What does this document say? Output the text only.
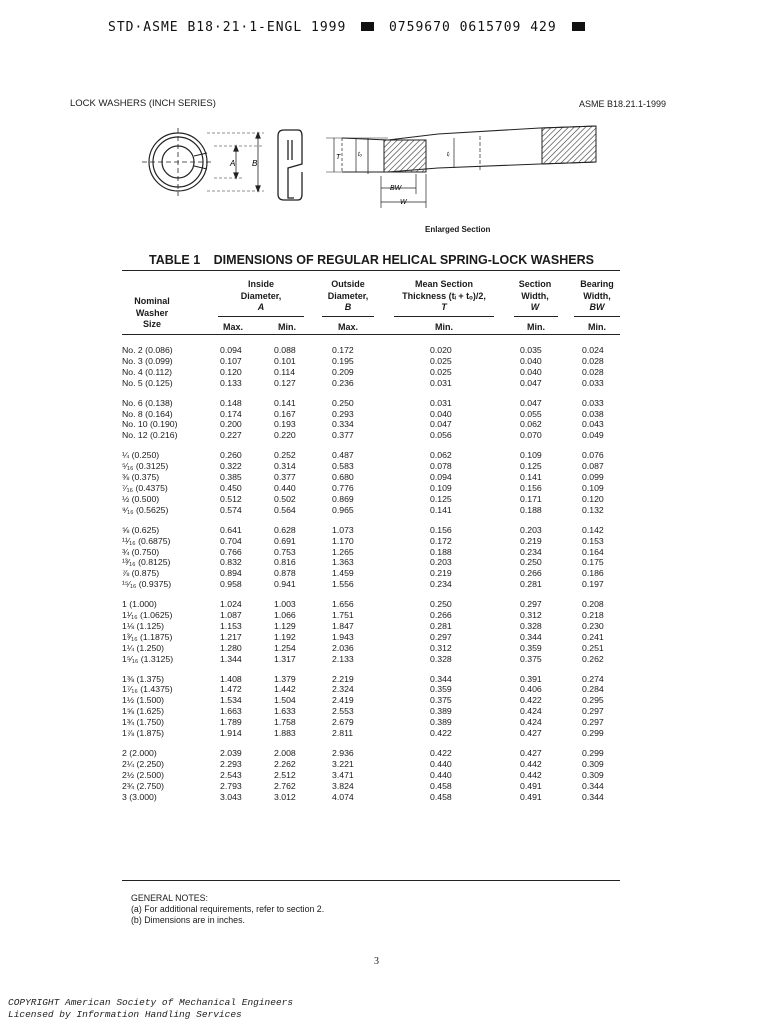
STD·ASME B18·21·1-ENGL 1999	0759670 0615709 429
LOCK WASHERS (INCH SERIES)	ASME B18.21.1-1999
A B
T	tₒ	tᵢ
BW
W
Enlarged Section
TABLE 1 DIMENSIONS OF REGULAR HELICAL SPRING-LOCK WASHERS
Nominal
Washer
Size
Inside
Diameter,
A
Outside
Diameter,
B
Mean Section
Thickness (tᵢ + tₒ)/2,
T
Section
Width,
W
Bearing
Width,
BW
Max.	Min.	Max.	Min.	Min.	Min.
No. 2 (0.086)	0.094	0.088	0.172	0.020	0.035	0.024
No. 3 (0.099)	0.107	0.101	0.195	0.025	0.040	0.028
No. 4 (0.112)	0.120	0.114	0.209	0.025	0.040	0.028
No. 5 (0.125)	0.133	0.127	0.236	0.031	0.047	0.033

No. 6 (0.138)	0.148	0.141	0.250	0.031	0.047	0.033
No. 8 (0.164)	0.174	0.167	0.293	0.040	0.055	0.038
No. 10 (0.190)	0.200	0.193	0.334	0.047	0.062	0.043
No. 12 (0.216)	0.227	0.220	0.377	0.056	0.070	0.049

¼ (0.250)	0.260	0.252	0.487	0.062	0.109	0.076
⁵⁄₁₆ (0.3125)	0.322	0.314	0.583	0.078	0.125	0.087
⅜ (0.375)	0.385	0.377	0.680	0.094	0.141	0.099
⁷⁄₁₆ (0.4375)	0.450	0.440	0.776	0.109	0.156	0.109
½ (0.500)	0.512	0.502	0.869	0.125	0.171	0.120
⁹⁄₁₆ (0.5625)	0.574	0.564	0.965	0.141	0.188	0.132

⅝ (0.625)	0.641	0.628	1.073	0.156	0.203	0.142
¹¹⁄₁₆ (0.6875)	0.704	0.691	1.170	0.172	0.219	0.153
¾ (0.750)	0.766	0.753	1.265	0.188	0.234	0.164
¹³⁄₁₆ (0.8125)	0.832	0.816	1.363	0.203	0.250	0.175
⅞ (0.875)	0.894	0.878	1.459	0.219	0.266	0.186
¹⁵⁄₁₆ (0.9375)	0.958	0.941	1.556	0.234	0.281	0.197

1 (1.000)	1.024	1.003	1.656	0.250	0.297	0.208
1¹⁄₁₆ (1.0625)	1.087	1.066	1.751	0.266	0.312	0.218
1⅛ (1.125)	1.153	1.129	1.847	0.281	0.328	0.230
1³⁄₁₆ (1.1875)	1.217	1.192	1.943	0.297	0.344	0.241
1¼ (1.250)	1.280	1.254	2.036	0.312	0.359	0.251
1⁵⁄₁₆ (1.3125)	1.344	1.317	2.133	0.328	0.375	0.262

1⅜ (1.375)	1.408	1.379	2.219	0.344	0.391	0.274
1⁷⁄₁₆ (1.4375)	1.472	1.442	2.324	0.359	0.406	0.284
1½ (1.500)	1.534	1.504	2.419	0.375	0.422	0.295
1⅝ (1.625)	1.663	1.633	2.553	0.389	0.424	0.297
1¾ (1.750)	1.789	1.758	2.679	0.389	0.424	0.297
1⅞ (1.875)	1.914	1.883	2.811	0.422	0.427	0.299

2 (2.000)	2.039	2.008	2.936	0.422	0.427	0.299
2¼ (2.250)	2.293	2.262	3.221	0.440	0.442	0.309
2½ (2.500)	2.543	2.512	3.471	0.440	0.442	0.309
2¾ (2.750)	2.793	2.762	3.824	0.458	0.491	0.344
3 (3.000)	3.043	3.012	4.074	0.458	0.491	0.344
GENERAL NOTES:
(a) For additional requirements, refer to section 2.
(b) Dimensions are in inches.
3
COPYRIGHT American Society of Mechanical Engineers
Licensed by Information Handling Services
